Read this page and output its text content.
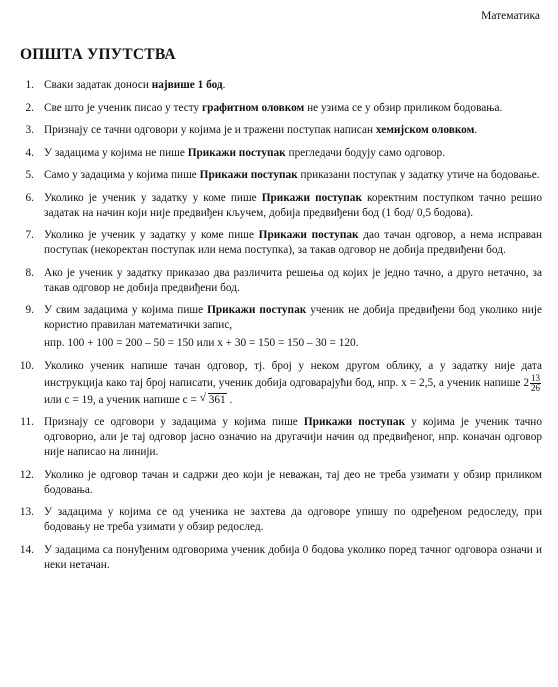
Математика
ОПШТА УПУТСТВА
1. Сваки задатак доноси највише 1 бод.
2. Све што је ученик писао у тесту графитном оловком не узима се у обзир приликом бодовања.
3. Признају се тачни одговори у којима је и тражени поступак написан хемијском оловком.
4. У задацима у којима не пише Прикажи поступак прегледачи бодују само одговор.
5. Само у задацима у којима пише Прикажи поступак приказани поступак у задатку утиче на бодовање.
6. Уколико је ученик у задатку у коме пише Прикажи поступак коректним поступком тачно решио задатак на начин који није предвиђен кључем, добија предвиђени бод (1 бод/ 0,5 бодова).
7. Уколико је ученик у задатку у коме пише Прикажи поступак дао тачан одговор, а нема исправан поступак (некоректан поступак или нема поступка), за такав одговор не добија предвиђени бод.
8. Ако је ученик у задатку приказао два различита решења од којих је једно тачно, а друго нетачно, за такав одговор не добија предвиђени бод.
9. У свим задацима у којима пише Прикажи поступак ученик не добија предвиђени бод уколико није користио правилан математички запис,
нпр. 100 + 100 = 200 – 50 = 150 или x + 30 = 150 = 150 – 30 = 120.
10. Уколико ученик напише тачан одговор, тј. број у неком другом облику, а у задатку није дата инструкција како тај број написати, ученик добија одговарајући бод, нпр. x = 2,5, а ученик напише $2 \frac{13}{26}$
или c = 19, а ученик напише c = √ 361 .
11. Признају се одговори у задацима у којима пише Прикажи поступак у којима је ученик тачно одговорио, али је тај одговор јасно означио на другачији начин од предвиђеног, нпр. коначан одговор није написао на линији.
12. Уколико је одговор тачан и садржи део који је неважан, тај део не треба узимати у обзир приликом бодовања.
13. У задацима у којима се од ученика не захтева да одговоре упишу по одређеном редоследу, при бодовању не треба узимати у обзир редослед.
14. У задацима са понуђеним одговорима ученик добија 0 бодова уколико поред тачног одговора означи и неки нетачан.
